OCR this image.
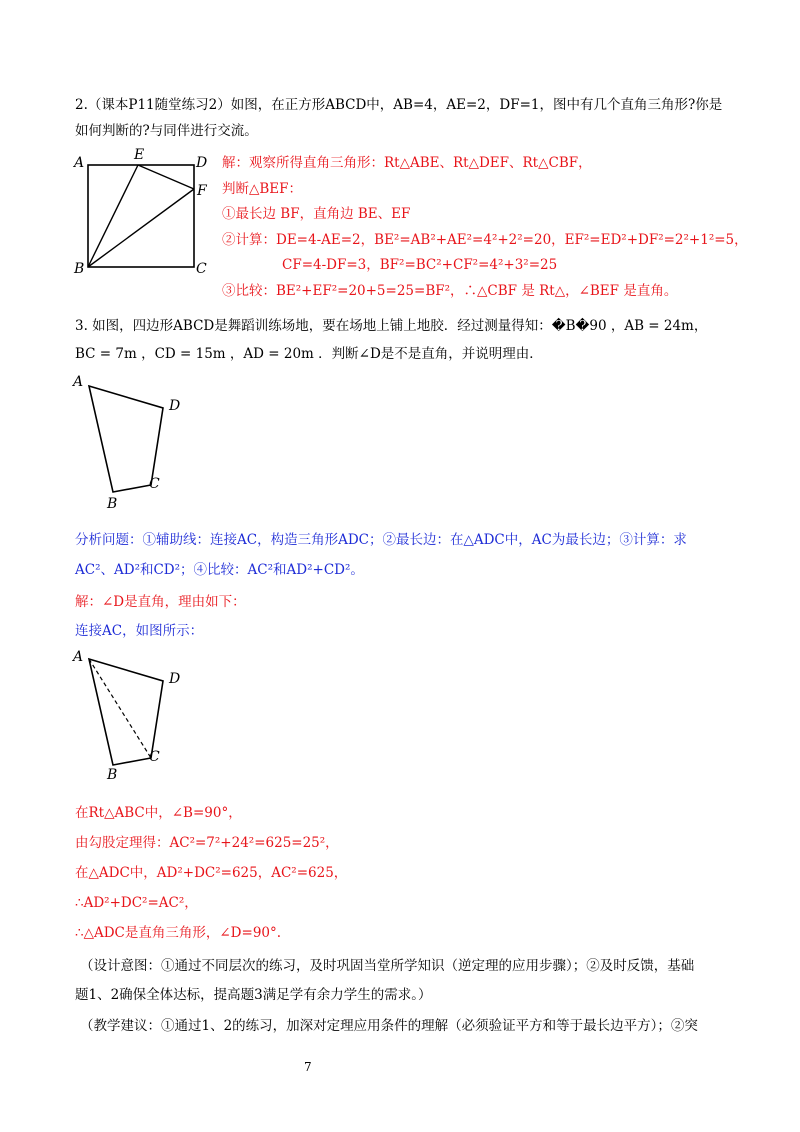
2.（课本P11随堂练习2）如图，在正方形ABCD中，AB=4，AE=2，DF=1，图中有几个直角三角形?你是
如何判断的?与同伴进行交流。
A	E	D
F
B	C
解：观察所得直角三角形：Rt△ABE、Rt△DEF、Rt△CBF，
判断△BEF：
①最长边 BF，直角边 BE、EF
②计算：DE=4-AE=2，BE²=AB²+AE²=4²+2²=20，EF²=ED²+DF²=2²+1²=5，
CF=4-DF=3，BF²=BC²+CF²=4²+3²=25
③比较：BE²+EF²=20+5=25=BF²，∴△CBF 是 Rt△，∠BEF 是直角。
3. 如图，四边形ABCD是舞蹈训练场地，要在场地上铺上地胶．经过测量得知：�B�90 ，AB = 24m，
BC = 7m ，CD = 15m ，AD = 20m ．判断∠D是不是直角，并说明理由．
A
D
C
B
分析问题：①辅助线：连接AC，构造三角形ADC；②最长边：在△ADC中，AC为最长边；③计算：求
AC²、AD²和CD²；④比较：AC²和AD²+CD²。
解：∠D是直角，理由如下：
连接AC，如图所示：
A
D
C
B
在Rt△ABC中，∠B=90°，
由勾股定理得：AC²=7²+24²=625=25²，
在△ADC中，AD²+DC²=625，AC²=625，
∴AD²+DC²=AC²，
∴△ADC是直角三角形，∠D=90°.
（设计意图：①通过不同层次的练习，及时巩固当堂所学知识（逆定理的应用步骤）；②及时反馈，基础
题1、2确保全体达标，提高题3满足学有余力学生的需求。）
（教学建议：①通过1、2的练习，加深对定理应用条件的理解（必须验证平方和等于最长边平方）；②突
7
